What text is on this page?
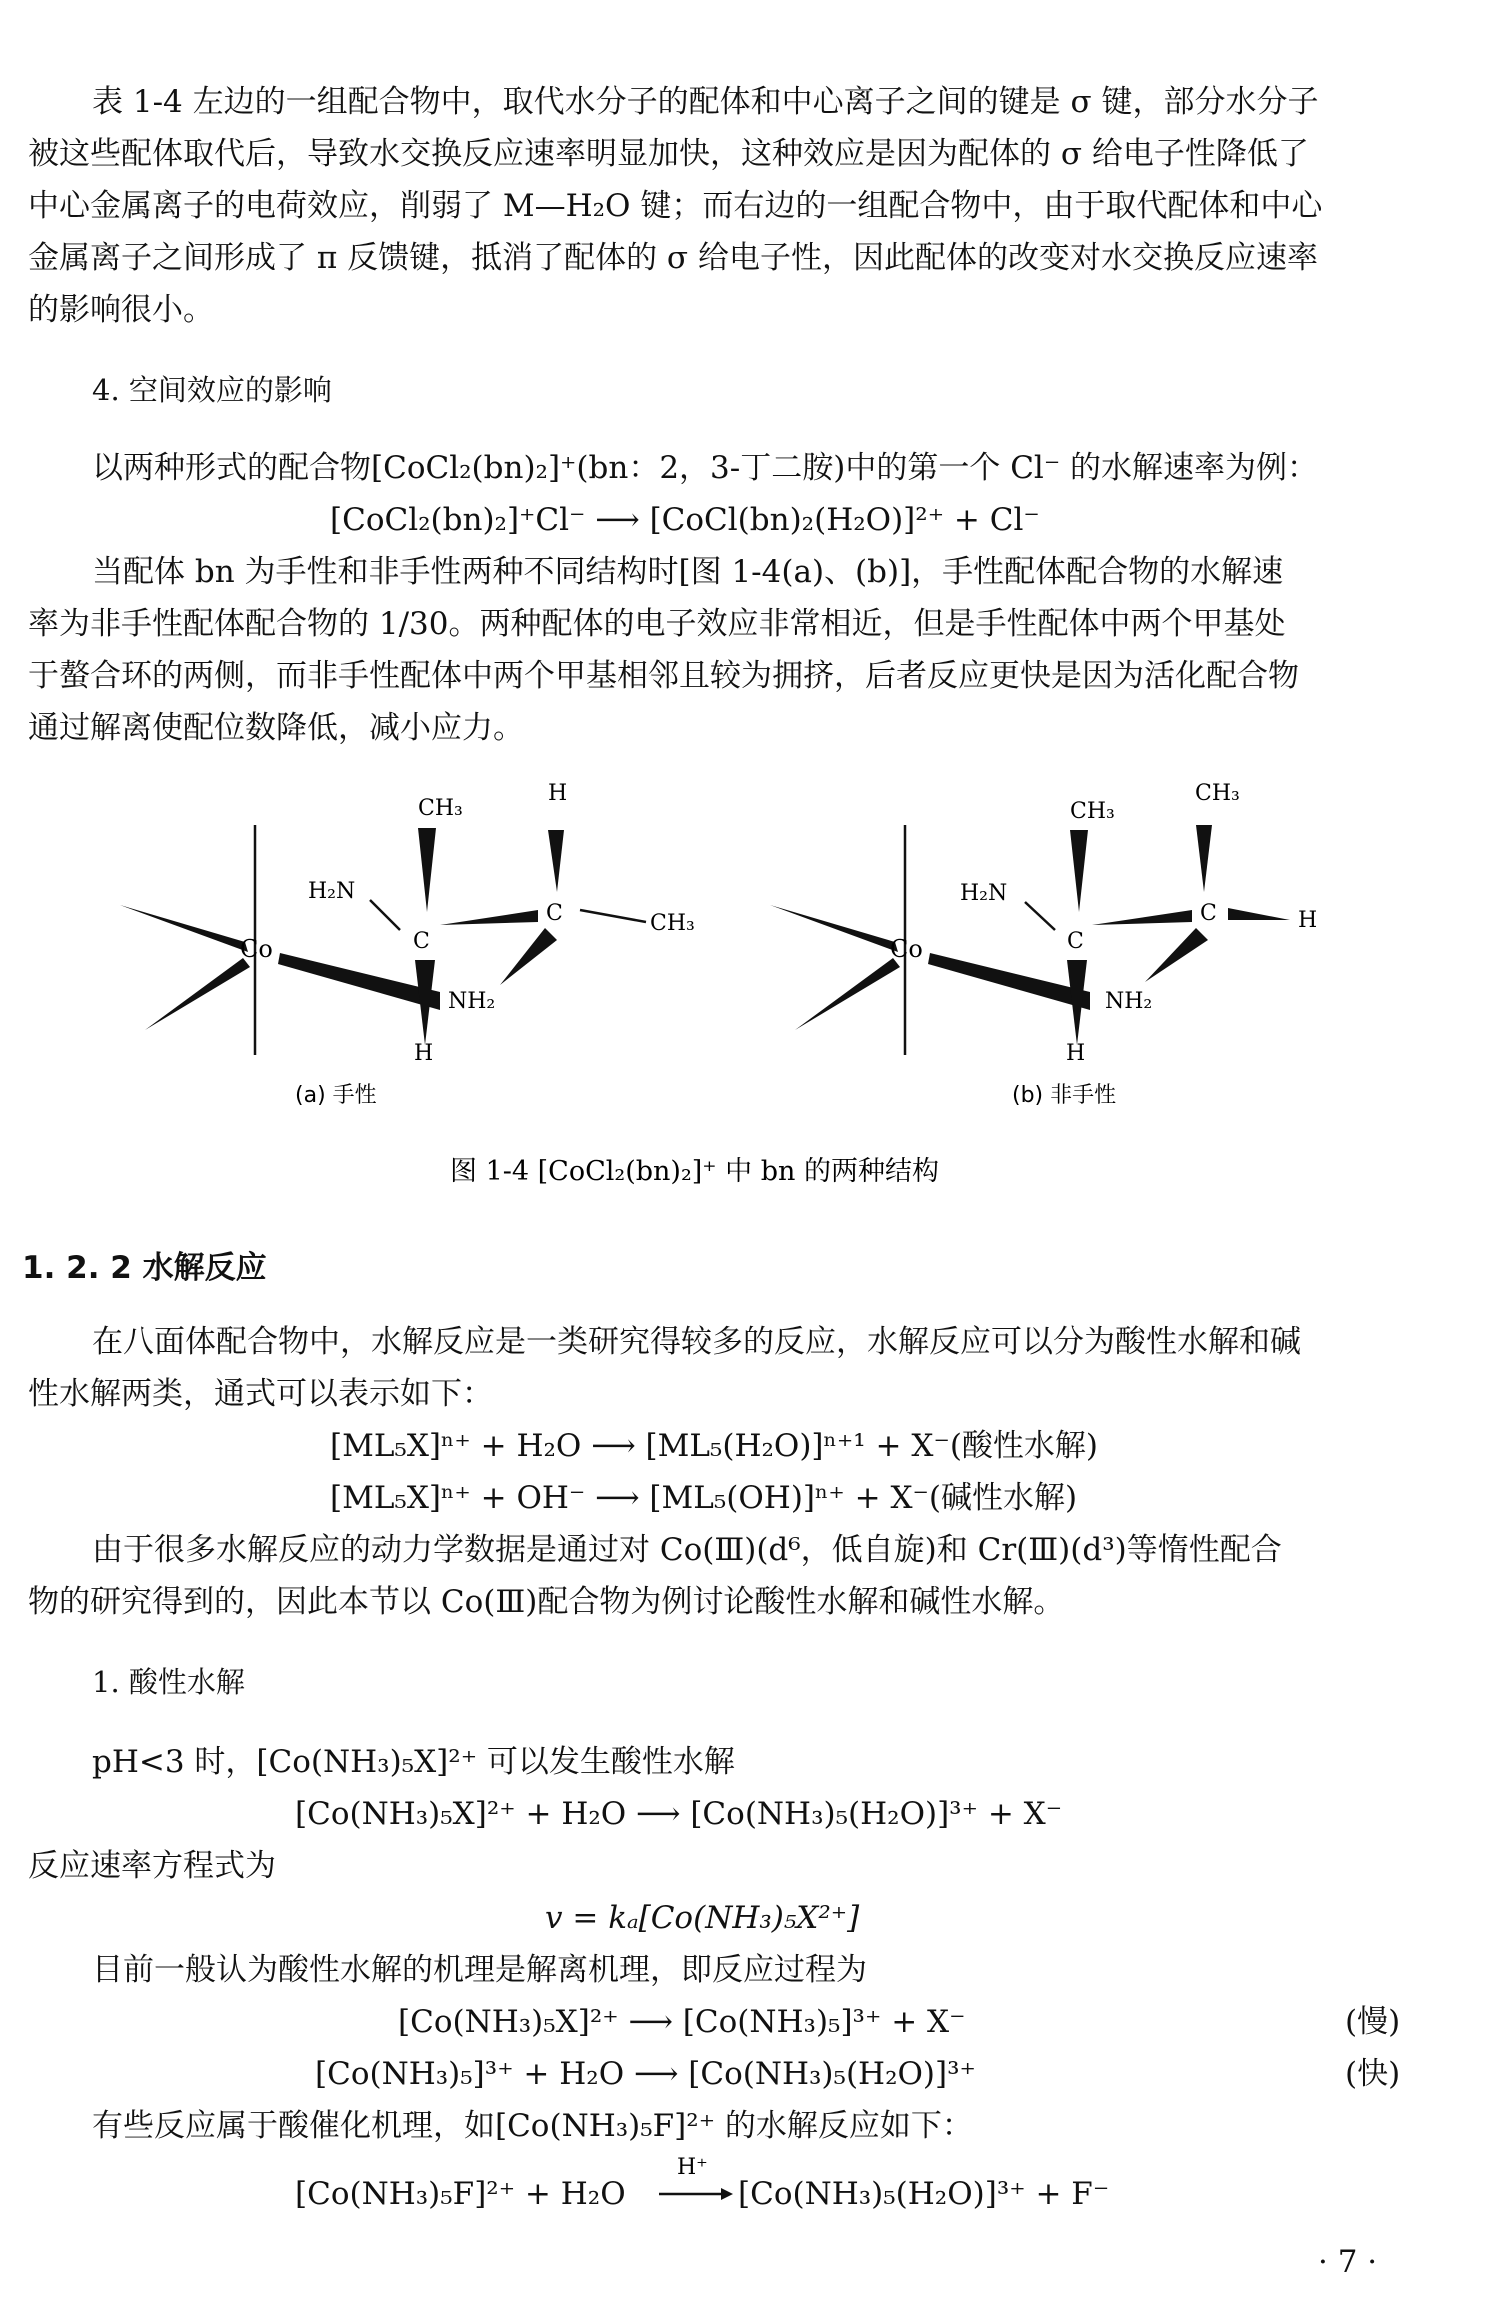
表 1-4 左边的一组配合物中，取代水分子的配体和中心离子之间的键是 σ 键，部分水分子
被这些配体取代后，导致水交换反应速率明显加快，这种效应是因为配体的 σ 给电子性降低了
中心金属离子的电荷效应，削弱了 M—H₂O 键；而右边的一组配合物中，由于取代配体和中心
金属离子之间形成了 π 反馈键，抵消了配体的 σ 给电子性，因此配体的改变对水交换反应速率
的影响很小。
4. 空间效应的影响
以两种形式的配合物[CoCl₂(bn)₂]⁺(bn：2，3-丁二胺)中的第一个 Cl⁻ 的水解速率为例：
[CoCl₂(bn)₂]⁺Cl⁻ ⟶ [CoCl(bn)₂(H₂O)]²⁺ + Cl⁻
当配体 bn 为手性和非手性两种不同结构时[图 1-4(a)、(b)]，手性配体配合物的水解速
率为非手性配体配合物的 1/30。两种配体的电子效应非常相近，但是手性配体中两个甲基处
于螯合环的两侧，而非手性配体中两个甲基相邻且较为拥挤，后者反应更快是因为活化配合物
通过解离使配位数降低，减小应力。
Co
H₂N
C
CH₃
NH₂
H
C
H
CH₃
(a) 手性
Co
H₂N
C
CH₃
NH₂
H
C
CH₃
H
(b) 非手性
图 1-4 [CoCl₂(bn)₂]⁺ 中 bn 的两种结构
1. 2. 2 水解反应
在八面体配合物中，水解反应是一类研究得较多的反应，水解反应可以分为酸性水解和碱
性水解两类，通式可以表示如下：
[ML₅X]ⁿ⁺ + H₂O ⟶ [ML₅(H₂O)]ⁿ⁺¹ + X⁻(酸性水解)
[ML₅X]ⁿ⁺ + OH⁻ ⟶ [ML₅(OH)]ⁿ⁺ + X⁻(碱性水解)
由于很多水解反应的动力学数据是通过对 Co(Ⅲ)(d⁶，低自旋)和 Cr(Ⅲ)(d³)等惰性配合
物的研究得到的，因此本节以 Co(Ⅲ)配合物为例讨论酸性水解和碱性水解。
1. 酸性水解
pH<3 时，[Co(NH₃)₅X]²⁺ 可以发生酸性水解
[Co(NH₃)₅X]²⁺ + H₂O ⟶ [Co(NH₃)₅(H₂O)]³⁺ + X⁻
反应速率方程式为
v = kₐ[Co(NH₃)₅X²⁺]
目前一般认为酸性水解的机理是解离机理，即反应过程为
[Co(NH₃)₅X]²⁺ ⟶ [Co(NH₃)₅]³⁺ + X⁻	(慢)
[Co(NH₃)₅]³⁺ + H₂O ⟶ [Co(NH₃)₅(H₂O)]³⁺	(快)
有些反应属于酸催化机理，如[Co(NH₃)₅F]²⁺ 的水解反应如下：
[Co(NH₃)₅F]²⁺ + H₂O
H⁺
[Co(NH₃)₅(H₂O)]³⁺ + F⁻
· 7 ·
